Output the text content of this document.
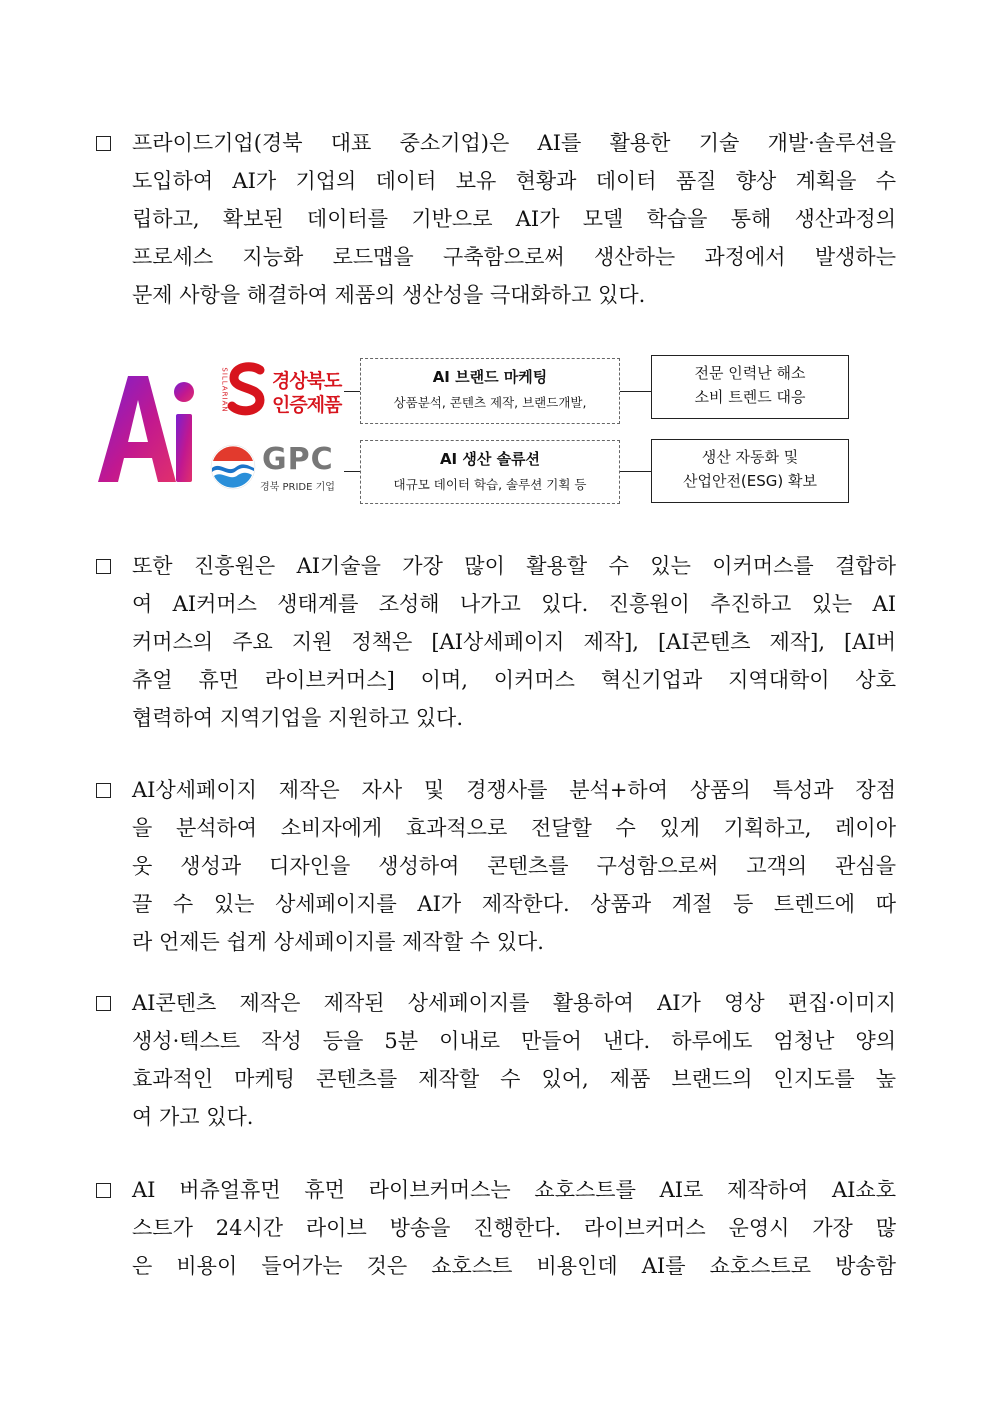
프라이드기업(경북 대표 중소기업)은 AI를 활용한 기술 개발·솔루션을
도입하여 AI가 기업의 데이터 보유 현황과 데이터 품질 향상 계획을 수
립하고, 확보된 데이터를 기반으로 AI가 모델 학습을 통해 생산과정의
프로세스 지능화 로드맵을 구축함으로써 생산하는 과정에서 발생하는
문제 사항을 해결하여 제품의 생산성을 극대화하고 있다.
SILLARIAN 경상북도
인증제품
GPC
경북 PRIDE 기업
AI 브랜드 마케팅
상품분석, 콘텐츠 제작, 브랜드개발,
전문 인력난 해소
소비 트렌드 대응
AI 생산 솔류션
대규모 데이터 학습, 솔루션 기획 등
생산 자동화 및
산업안전(ESG) 확보
또한 진흥원은 AI기술을 가장 많이 활용할 수 있는 이커머스를 결합하
여 AI커머스 생태계를 조성해 나가고 있다. 진흥원이 추진하고 있는 AI
커머스의 주요 지원 정책은 [AI상세페이지 제작], [AI콘텐츠 제작], [AI버
츄얼 휴먼 라이브커머스] 이며, 이커머스 혁신기업과 지역대학이 상호
협력하여 지역기업을 지원하고 있다.
AI상세페이지 제작은 자사 및 경쟁사를 분석+하여 상품의 특성과 장점
을 분석하여 소비자에게 효과적으로 전달할 수 있게 기획하고, 레이아
웃 생성과 디자인을 생성하여 콘텐츠를 구성함으로써 고객의 관심을
끌 수 있는 상세페이지를 AI가 제작한다. 상품과 계절 등 트렌드에 따
라 언제든 쉽게 상세페이지를 제작할 수 있다.
AI콘텐츠 제작은 제작된 상세페이지를 활용하여 AI가 영상 편집·이미지
생성·텍스트 작성 등을 5분 이내로 만들어 낸다. 하루에도 엄청난 양의
효과적인 마케팅 콘텐츠를 제작할 수 있어, 제품 브랜드의 인지도를 높
여 가고 있다.
AI 버츄얼휴먼 휴먼 라이브커머스는 쇼호스트를 AI로 제작하여 AI쇼호
스트가 24시간 라이브 방송을 진행한다. 라이브커머스 운영시 가장 많
은 비용이 들어가는 것은 쇼호스트 비용인데 AI를 쇼호스트로 방송함
